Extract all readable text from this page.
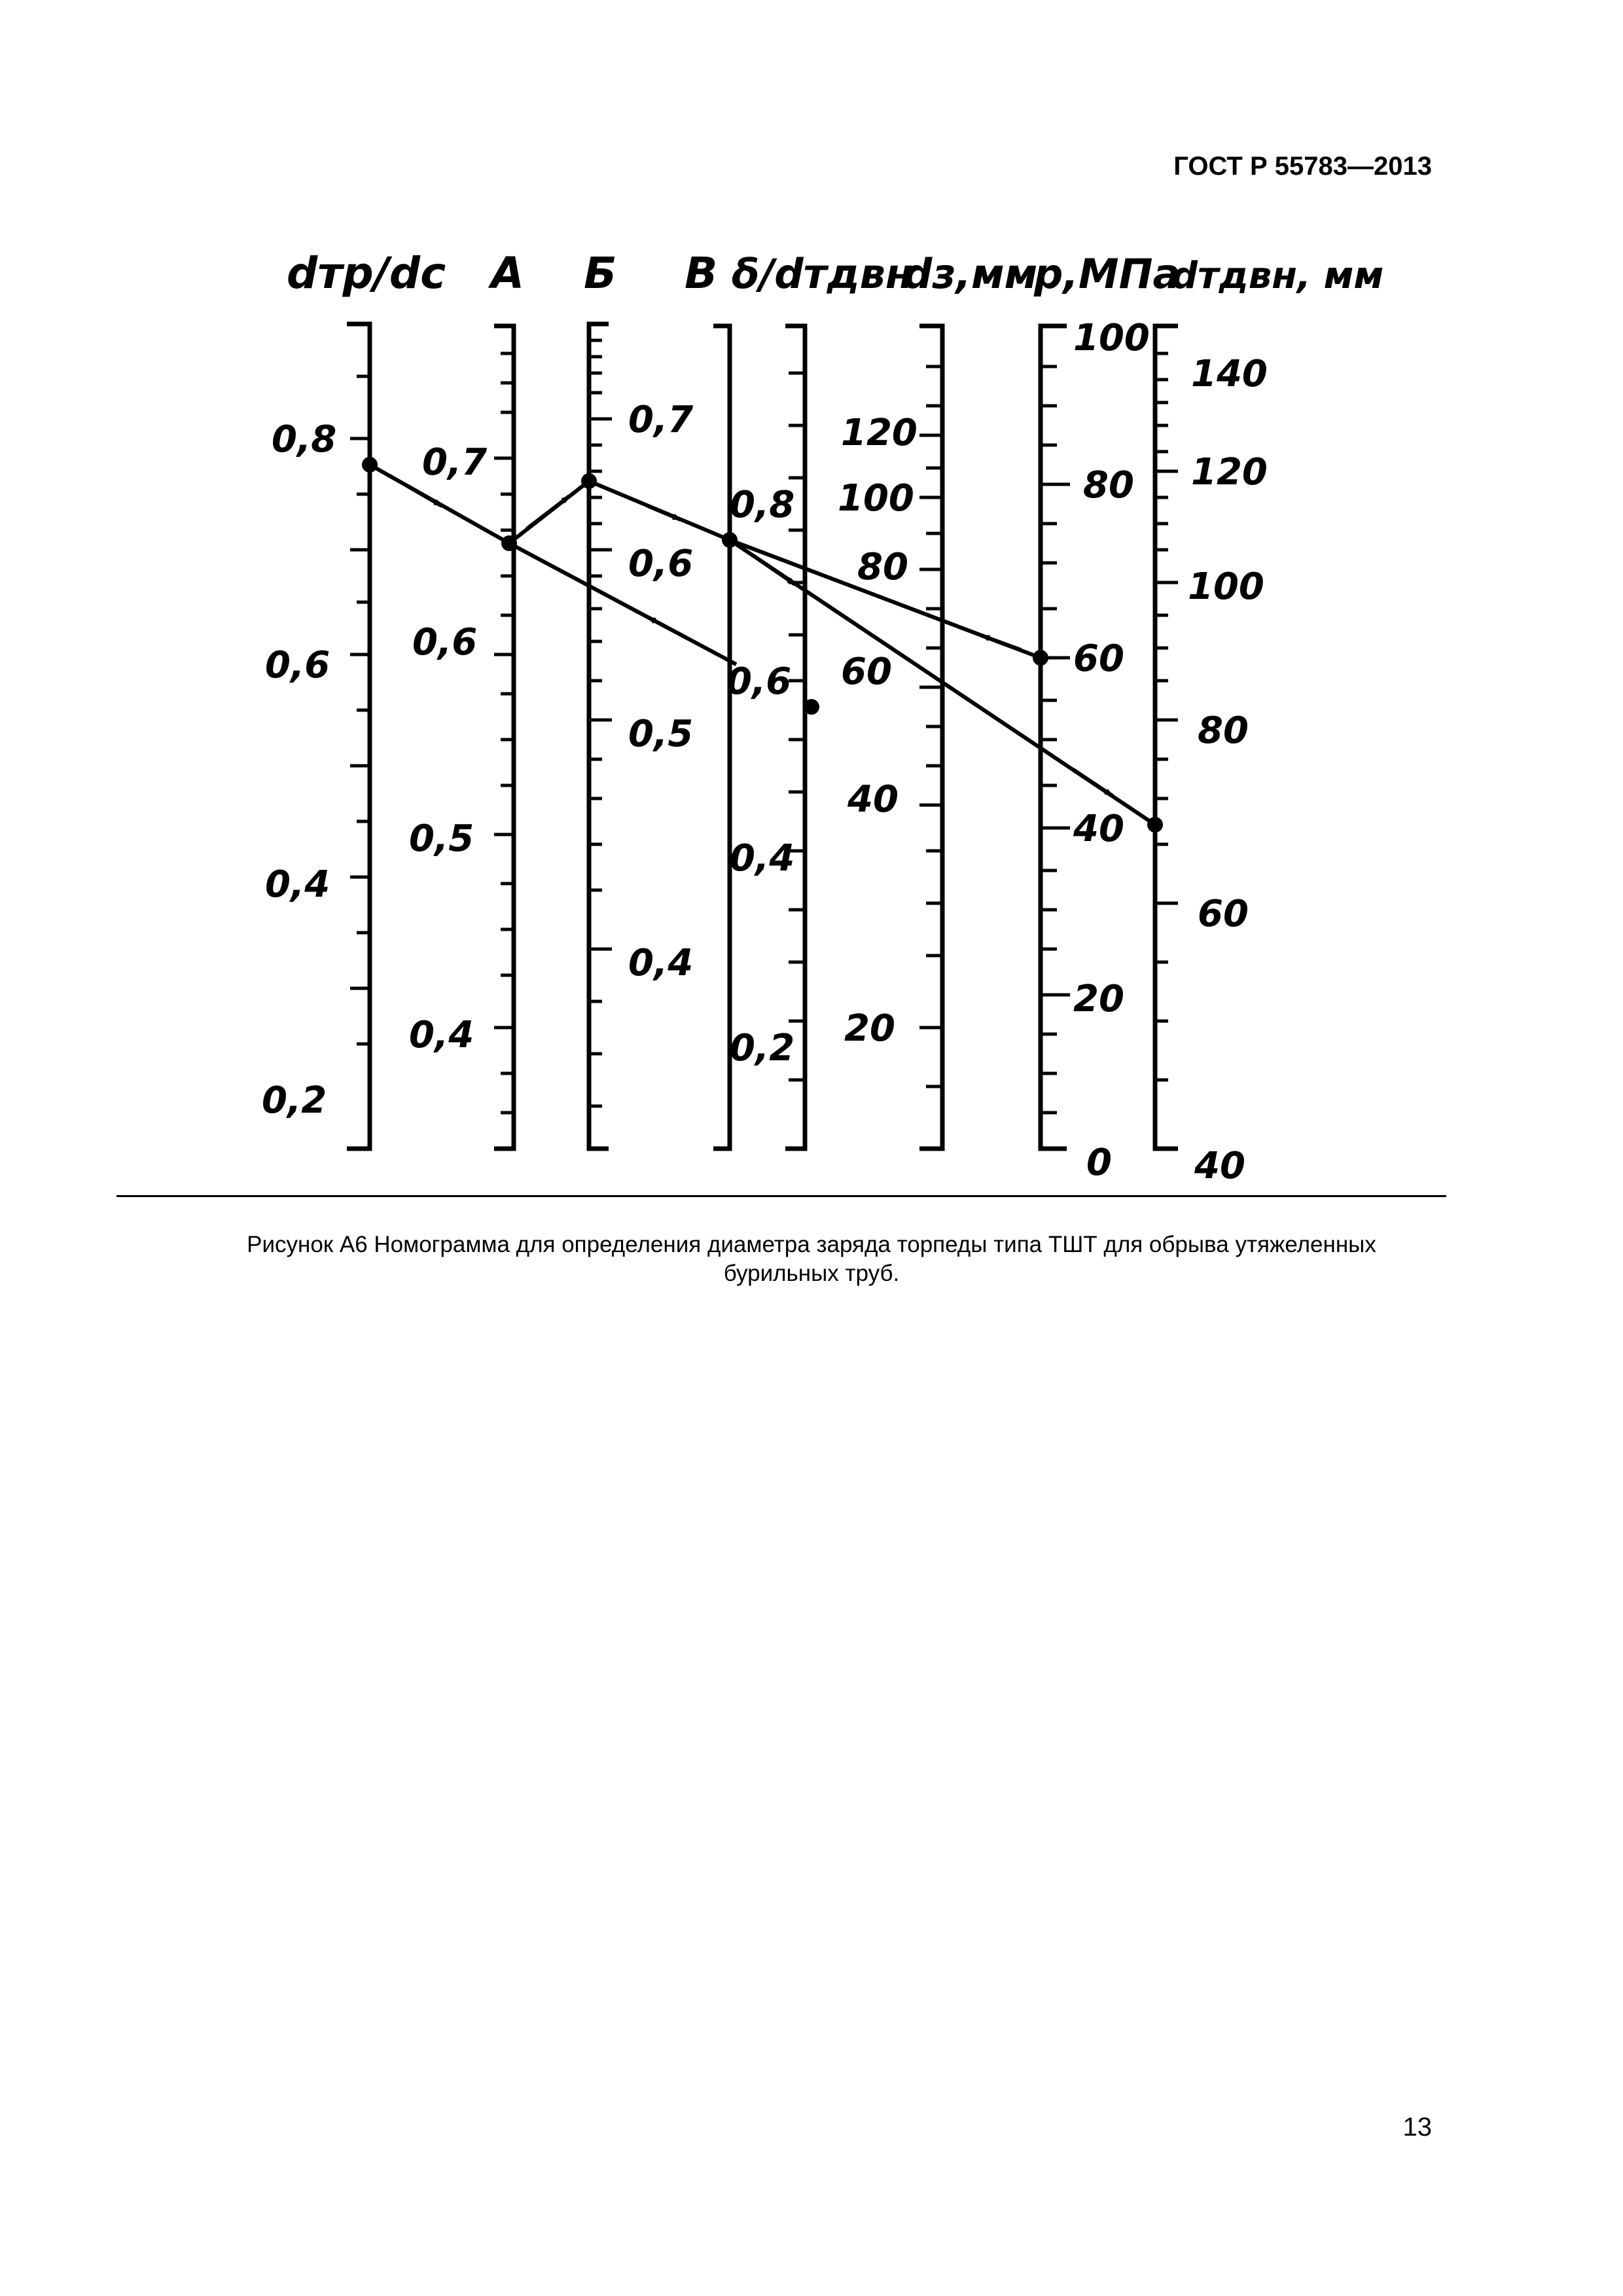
ГОСТ Р 55783—2013
dтр/dc А Б В δ/dтдвн
dз,мм
р,МПа
dтдвн, мм
0,8
0,6
0,4
0,2
0,7
0,6
0,5
0,4
0,7
0,6
0,5
0,4
0,8
0,6
0,4
0,2
120
100
80
60
40
20
100
80
60
40
20
0
140
120
100
80
60
40
Рисунок А6 Номограмма для определения диаметра заряда торпеды типа ТШТ для обрыва утяжеленных
бурильных труб.
13
